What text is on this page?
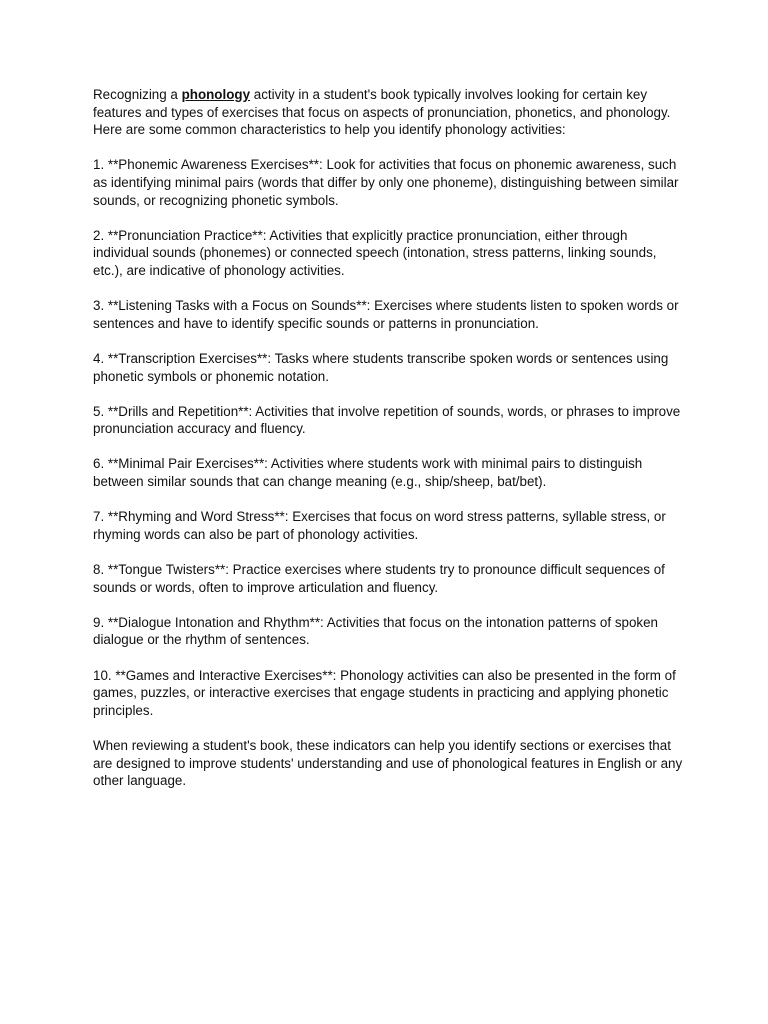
Recognizing a phonology activity in a student's book typically involves looking for certain key features and types of exercises that focus on aspects of pronunciation, phonetics, and phonology. Here are some common characteristics to help you identify phonology activities:

1. **Phonemic Awareness Exercises**: Look for activities that focus on phonemic awareness, such as identifying minimal pairs (words that differ by only one phoneme), distinguishing between similar sounds, or recognizing phonetic symbols.

2. **Pronunciation Practice**: Activities that explicitly practice pronunciation, either through individual sounds (phonemes) or connected speech (intonation, stress patterns, linking sounds, etc.), are indicative of phonology activities.

3. **Listening Tasks with a Focus on Sounds**: Exercises where students listen to spoken words or sentences and have to identify specific sounds or patterns in pronunciation.

4. **Transcription Exercises**: Tasks where students transcribe spoken words or sentences using phonetic symbols or phonemic notation.

5. **Drills and Repetition**: Activities that involve repetition of sounds, words, or phrases to improve pronunciation accuracy and fluency.

6. **Minimal Pair Exercises**: Activities where students work with minimal pairs to distinguish between similar sounds that can change meaning (e.g., ship/sheep, bat/bet).

7. **Rhyming and Word Stress**: Exercises that focus on word stress patterns, syllable stress, or rhyming words can also be part of phonology activities.

8. **Tongue Twisters**: Practice exercises where students try to pronounce difficult sequences of sounds or words, often to improve articulation and fluency.

9. **Dialogue Intonation and Rhythm**: Activities that focus on the intonation patterns of spoken dialogue or the rhythm of sentences.

10. **Games and Interactive Exercises**: Phonology activities can also be presented in the form of games, puzzles, or interactive exercises that engage students in practicing and applying phonetic principles.

When reviewing a student's book, these indicators can help you identify sections or exercises that are designed to improve students' understanding and use of phonological features in English or any other language.
